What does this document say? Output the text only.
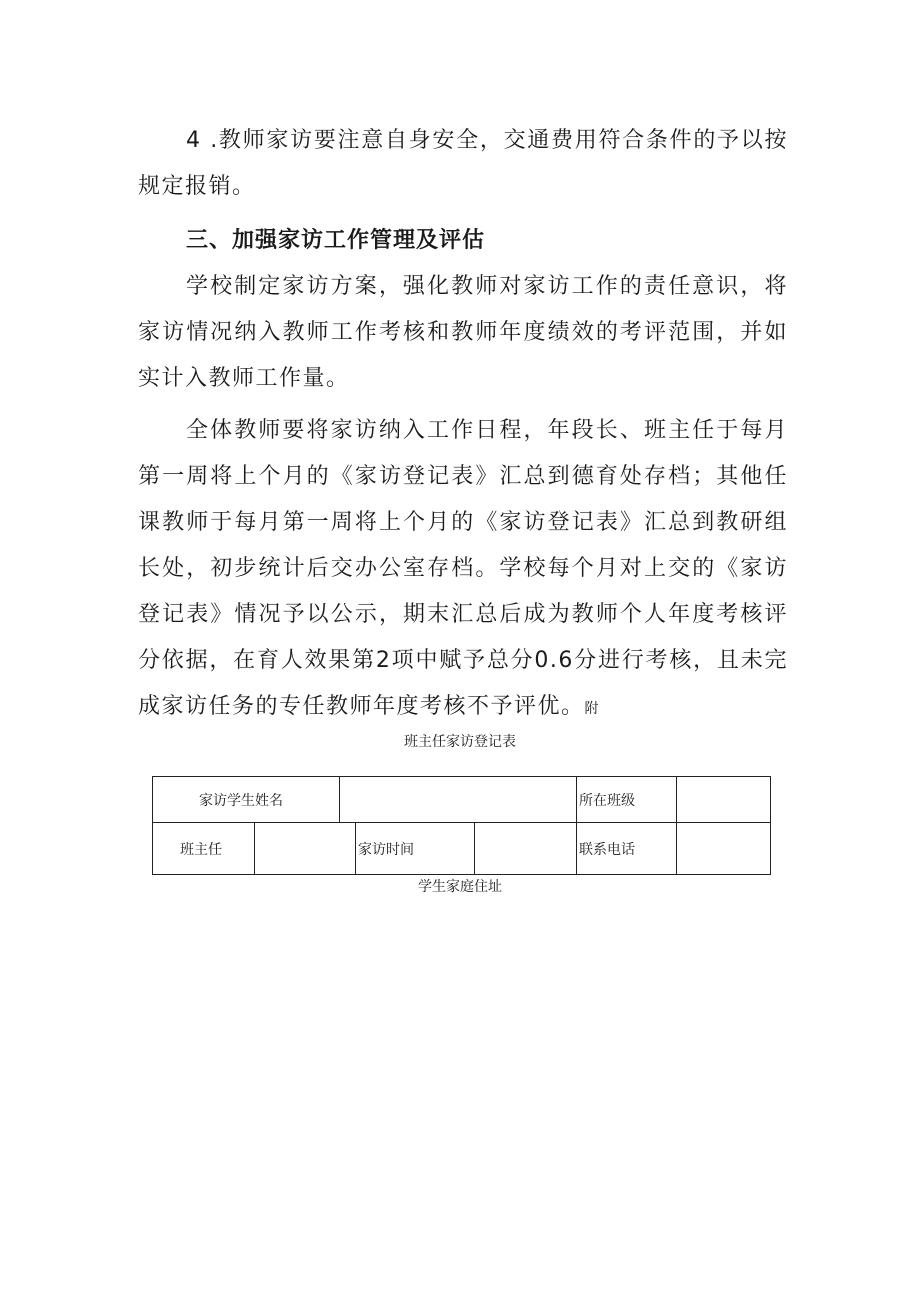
4 .教师家访要注意自身安全，交通费用符合条件的予以按规定报销。

三、加强家访工作管理及评估

学校制定家访方案，强化教师对家访工作的责任意识，将家访情况纳入教师工作考核和教师年度绩效的考评范围，并如实计入教师工作量。

全体教师要将家访纳入工作日程，年段长、班主任于每月第一周将上个月的《家访登记表》汇总到德育处存档；其他任课教师于每月第一周将上个月的《家访登记表》汇总到教研组长处，初步统计后交办公室存档。学校每个月对上交的《家访登记表》情况予以公示，期末汇总后成为教师个人年度考核评分依据，在育人效果第2项中赋予总分0.6分进行考核，且未完成家访任务的专任教师年度考核不予评优。附

班主任家访登记表

家访学生姓名	所在班级
班主任	家访时间	联系电话

学生家庭住址
